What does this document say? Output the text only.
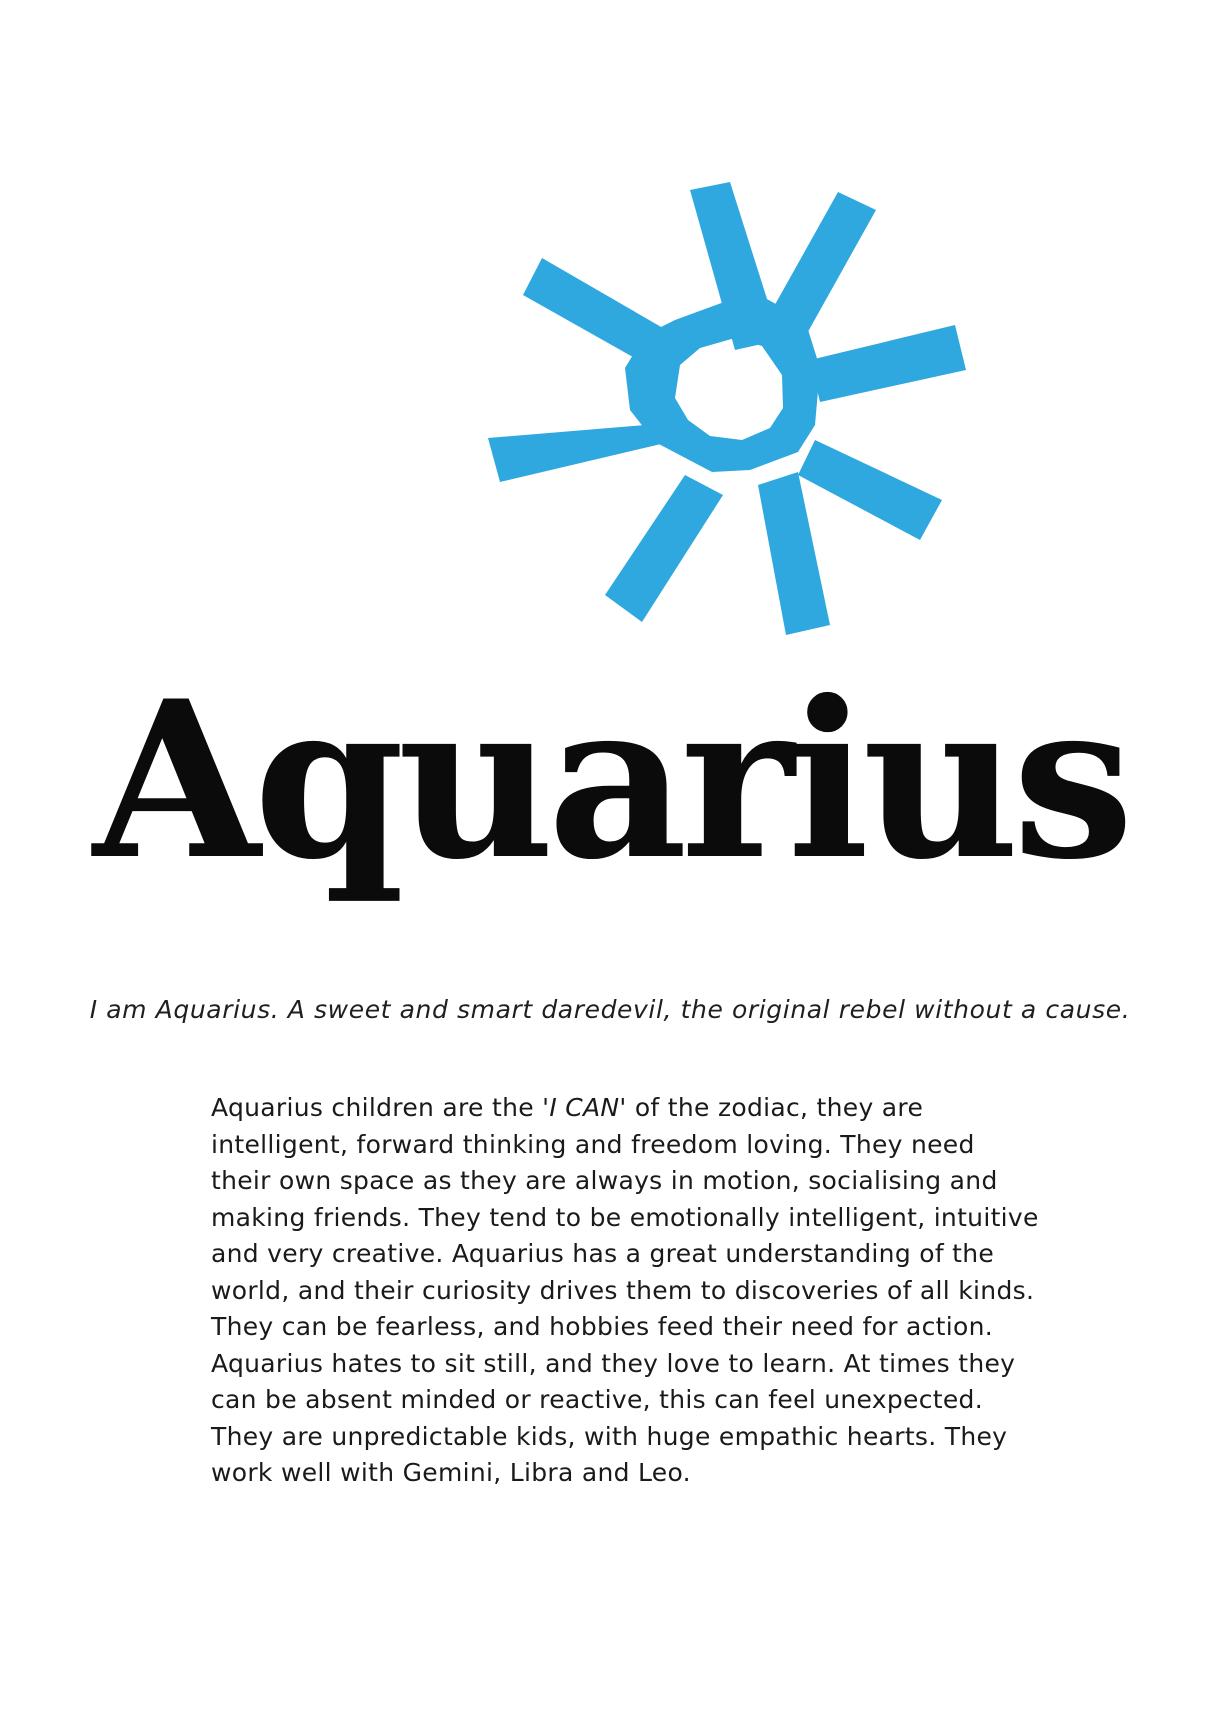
Aquarius

I am Aquarius. A sweet and smart daredevil, the original rebel without a cause.

Aquarius children are the 'I CAN' of the zodiac, they are
intelligent, forward thinking and freedom loving. They need
their own space as they are always in motion, socialising and
making friends. They tend to be emotionally intelligent, intuitive
and very creative. Aquarius has a great understanding of the
world, and their curiosity drives them to discoveries of all kinds.
They can be fearless, and hobbies feed their need for action.
Aquarius hates to sit still, and they love to learn. At times they
can be absent minded or reactive, this can feel unexpected.
They are unpredictable kids, with huge empathic hearts. They
work well with Gemini, Libra and Leo.
